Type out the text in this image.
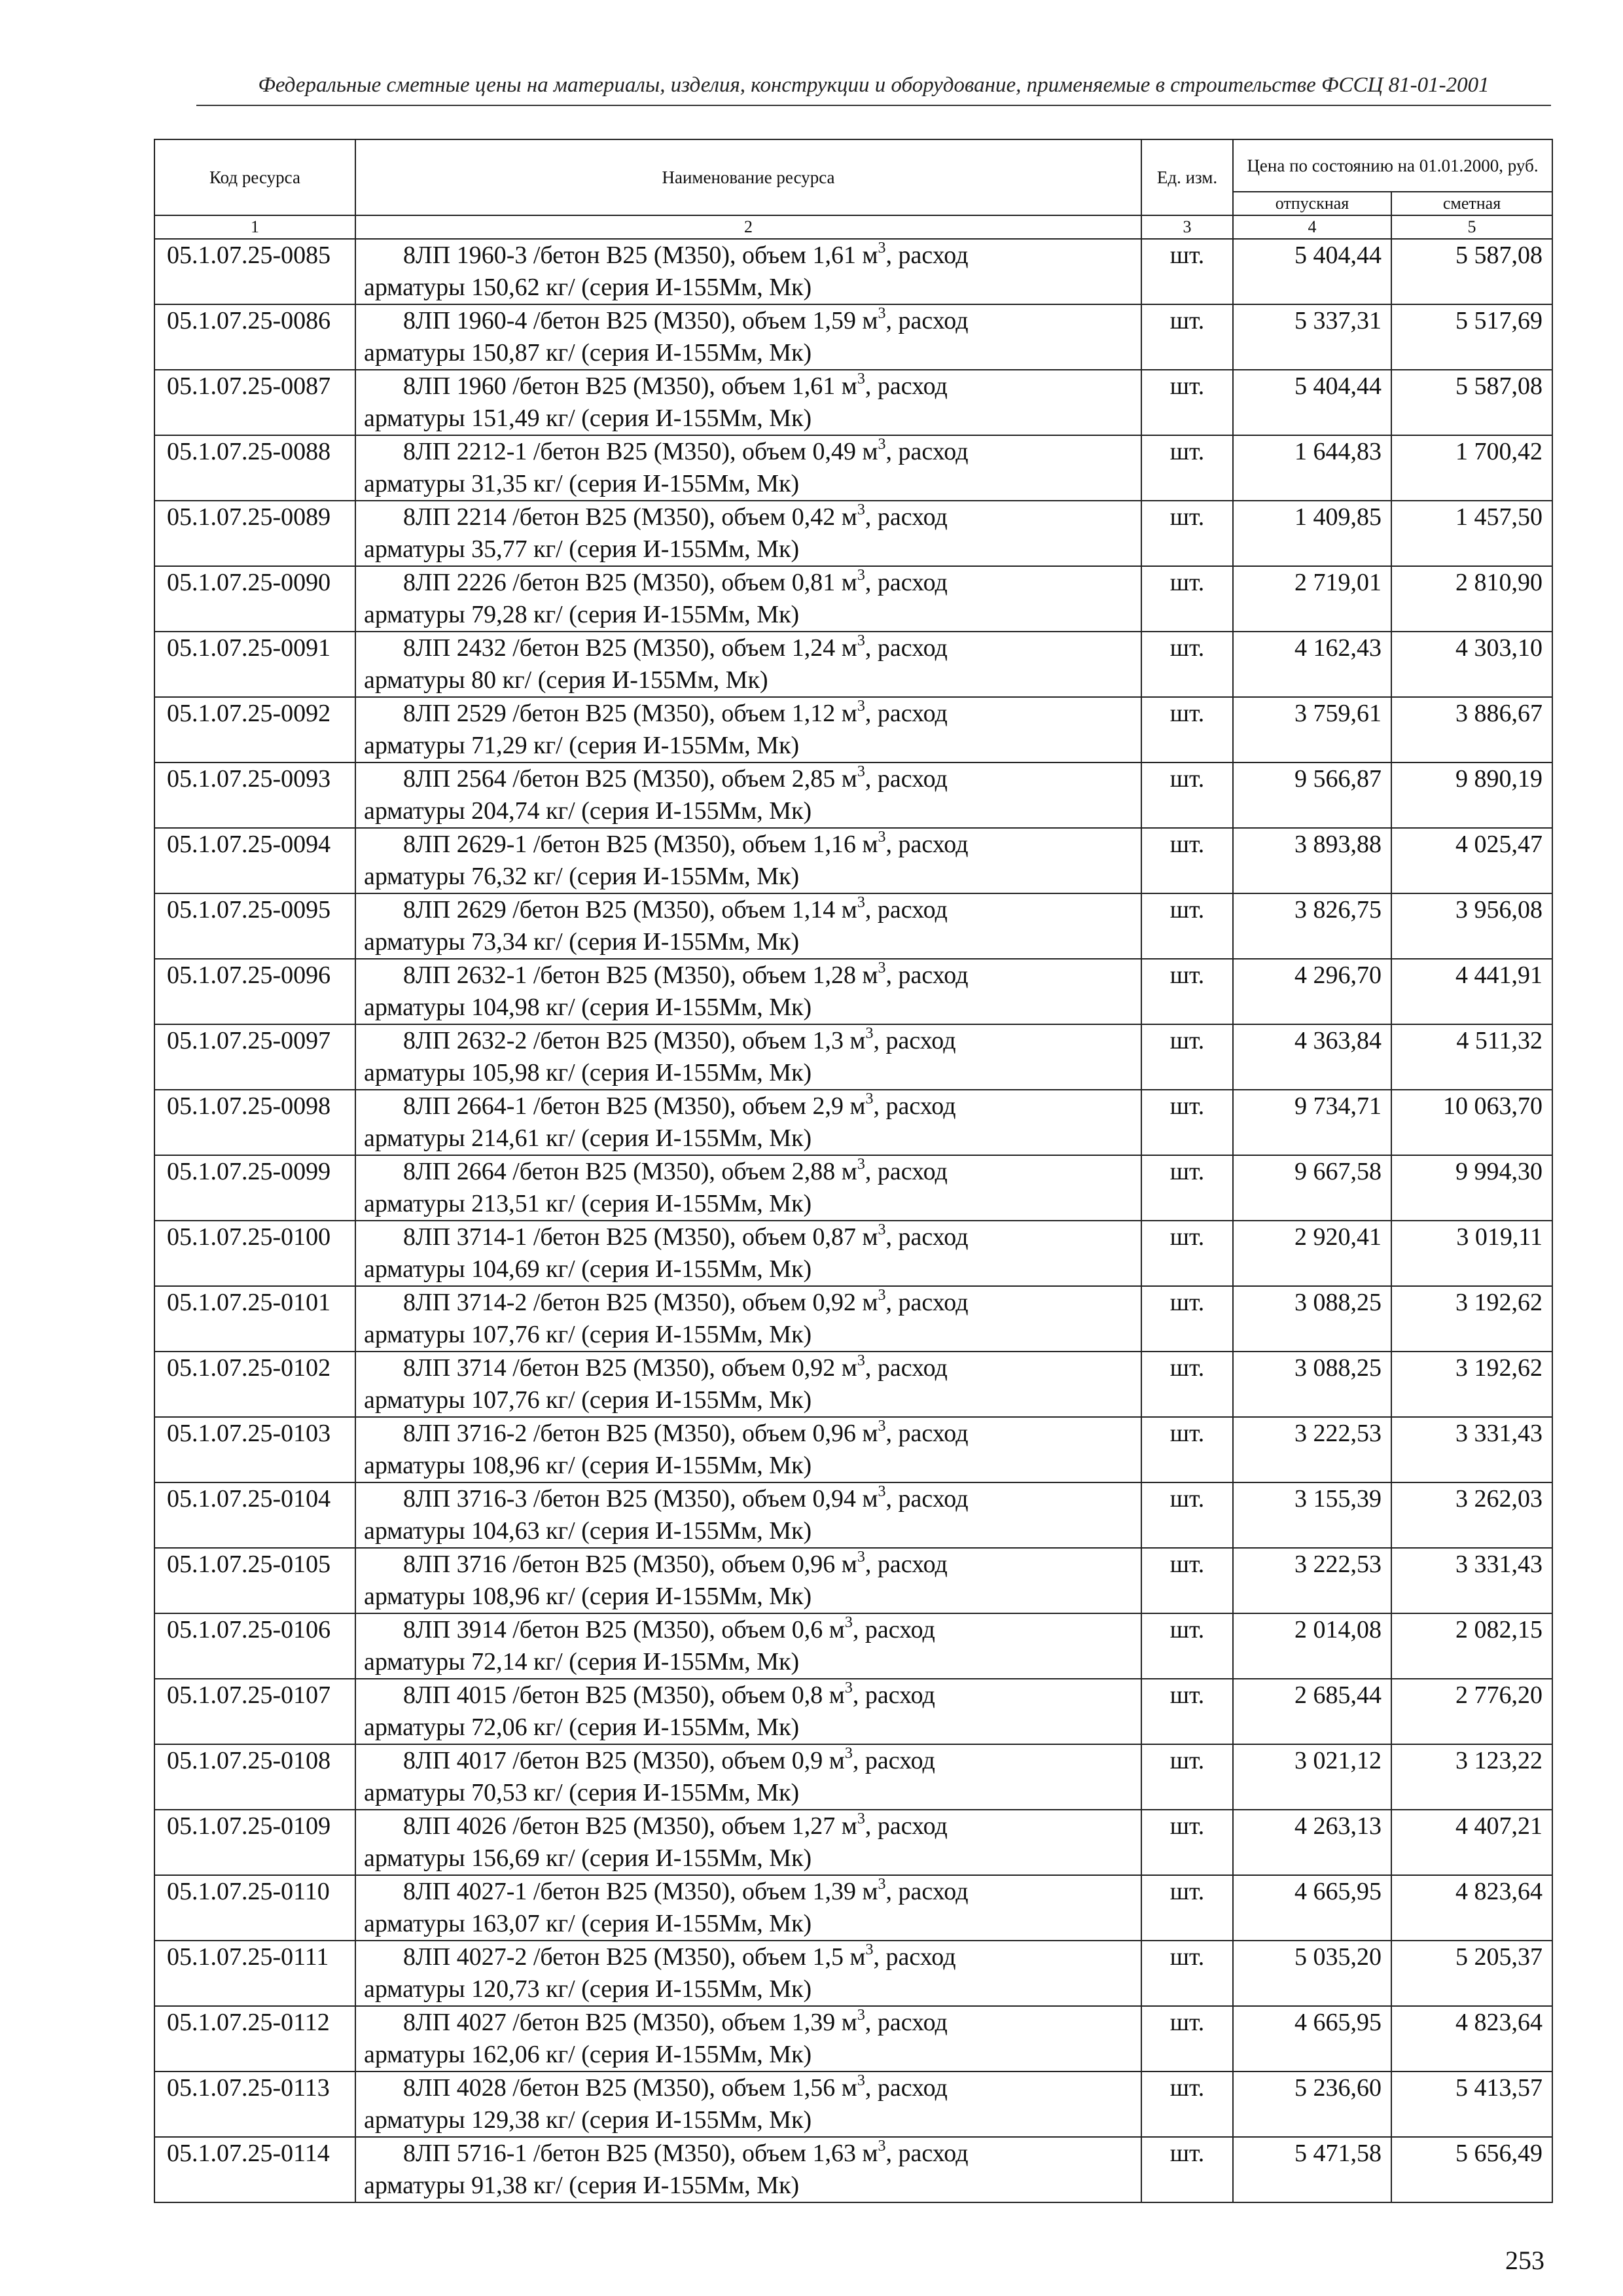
Федеральные сметные цены на материалы, изделия, конструкции и оборудование, применяемые в строительстве ФССЦ 81-01-2001
Код ресурса	Наименование ресурса	Ед. изм.	Цена по состоянию на 01.01.2000, руб.	
			отпускная	сметная
1	2	3	4	5
05.1.07.25-0085	8ЛП 1960-3 /бетон В25 (М350), объем 1,61 $м^3$, расход
арматуры 150,62 кг/ (серия И-155Мм, Мк)	шт.	5 404,44	5 587,08
05.1.07.25-0086	8ЛП 1960-4 /бетон В25 (М350), объем 1,59 $м^3$, расход
арматуры 150,87 кг/ (серия И-155Мм, Мк)	шт.	5 337,31	5 517,69
05.1.07.25-0087	8ЛП 1960 /бетон В25 (М350), объем 1,61 $м^3$, расход
арматуры 151,49 кг/ (серия И-155Мм, Мк)	шт.	5 404,44	5 587,08
05.1.07.25-0088	8ЛП 2212-1 /бетон В25 (М350), объем 0,49 $м^3$, расход
арматуры 31,35 кг/ (серия И-155Мм, Мк)	шт.	1 644,83	1 700,42
05.1.07.25-0089	8ЛП 2214 /бетон В25 (М350), объем 0,42 $м^3$, расход
арматуры 35,77 кг/ (серия И-155Мм, Мк)	шт.	1 409,85	1 457,50
05.1.07.25-0090	8ЛП 2226 /бетон В25 (М350), объем 0,81 $м^3$, расход
арматуры 79,28 кг/ (серия И-155Мм, Мк)	шт.	2 719,01	2 810,90
05.1.07.25-0091	8ЛП 2432 /бетон В25 (М350), объем 1,24 $м^3$, расход
арматуры 80 кг/ (серия И-155Мм, Мк)	шт.	4 162,43	4 303,10
05.1.07.25-0092	8ЛП 2529 /бетон В25 (М350), объем 1,12 $м^3$, расход
арматуры 71,29 кг/ (серия И-155Мм, Мк)	шт.	3 759,61	3 886,67
05.1.07.25-0093	8ЛП 2564 /бетон В25 (М350), объем 2,85 $м^3$, расход
арматуры 204,74 кг/ (серия И-155Мм, Мк)	шт.	9 566,87	9 890,19
05.1.07.25-0094	8ЛП 2629-1 /бетон В25 (М350), объем 1,16 $м^3$, расход
арматуры 76,32 кг/ (серия И-155Мм, Мк)	шт.	3 893,88	4 025,47
05.1.07.25-0095	8ЛП 2629 /бетон В25 (М350), объем 1,14 $м^3$, расход
арматуры 73,34 кг/ (серия И-155Мм, Мк)	шт.	3 826,75	3 956,08
05.1.07.25-0096	8ЛП 2632-1 /бетон В25 (М350), объем 1,28 $м^3$, расход
арматуры 104,98 кг/ (серия И-155Мм, Мк)	шт.	4 296,70	4 441,91
05.1.07.25-0097	8ЛП 2632-2 /бетон В25 (М350), объем 1,3 $м^3$, расход
арматуры 105,98 кг/ (серия И-155Мм, Мк)	шт.	4 363,84	4 511,32
05.1.07.25-0098	8ЛП 2664-1 /бетон В25 (М350), объем 2,9 $м^3$, расход
арматуры 214,61 кг/ (серия И-155Мм, Мк)	шт.	9 734,71	10 063,70
05.1.07.25-0099	8ЛП 2664 /бетон В25 (М350), объем 2,88 $м^3$, расход
арматуры 213,51 кг/ (серия И-155Мм, Мк)	шт.	9 667,58	9 994,30
05.1.07.25-0100	8ЛП 3714-1 /бетон В25 (М350), объем 0,87 $м^3$, расход
арматуры 104,69 кг/ (серия И-155Мм, Мк)	шт.	2 920,41	3 019,11
05.1.07.25-0101	8ЛП 3714-2 /бетон В25 (М350), объем 0,92 $м^3$, расход
арматуры 107,76 кг/ (серия И-155Мм, Мк)	шт.	3 088,25	3 192,62
05.1.07.25-0102	8ЛП 3714 /бетон В25 (М350), объем 0,92 $м^3$, расход
арматуры 107,76 кг/ (серия И-155Мм, Мк)	шт.	3 088,25	3 192,62
05.1.07.25-0103	8ЛП 3716-2 /бетон В25 (М350), объем 0,96 $м^3$, расход
арматуры 108,96 кг/ (серия И-155Мм, Мк)	шт.	3 222,53	3 331,43
05.1.07.25-0104	8ЛП 3716-3 /бетон В25 (М350), объем 0,94 $м^3$, расход
арматуры 104,63 кг/ (серия И-155Мм, Мк)	шт.	3 155,39	3 262,03
05.1.07.25-0105	8ЛП 3716 /бетон В25 (М350), объем 0,96 $м^3$, расход
арматуры 108,96 кг/ (серия И-155Мм, Мк)	шт.	3 222,53	3 331,43
05.1.07.25-0106	8ЛП 3914 /бетон В25 (М350), объем 0,6 $м^3$, расход
арматуры 72,14 кг/ (серия И-155Мм, Мк)	шт.	2 014,08	2 082,15
05.1.07.25-0107	8ЛП 4015 /бетон В25 (М350), объем 0,8 $м^3$, расход
арматуры 72,06 кг/ (серия И-155Мм, Мк)	шт.	2 685,44	2 776,20
05.1.07.25-0108	8ЛП 4017 /бетон В25 (М350), объем 0,9 $м^3$, расход
арматуры 70,53 кг/ (серия И-155Мм, Мк)	шт.	3 021,12	3 123,22
05.1.07.25-0109	8ЛП 4026 /бетон В25 (М350), объем 1,27 $м^3$, расход
арматуры 156,69 кг/ (серия И-155Мм, Мк)	шт.	4 263,13	4 407,21
05.1.07.25-0110	8ЛП 4027-1 /бетон В25 (М350), объем 1,39 $м^3$, расход
арматуры 163,07 кг/ (серия И-155Мм, Мк)	шт.	4 665,95	4 823,64
05.1.07.25-0111	8ЛП 4027-2 /бетон В25 (М350), объем 1,5 $м^3$, расход
арматуры 120,73 кг/ (серия И-155Мм, Мк)	шт.	5 035,20	5 205,37
05.1.07.25-0112	8ЛП 4027 /бетон В25 (М350), объем 1,39 $м^3$, расход
арматуры 162,06 кг/ (серия И-155Мм, Мк)	шт.	4 665,95	4 823,64
05.1.07.25-0113	8ЛП 4028 /бетон В25 (М350), объем 1,56 $м^3$, расход
арматуры 129,38 кг/ (серия И-155Мм, Мк)	шт.	5 236,60	5 413,57
05.1.07.25-0114	8ЛП 5716-1 /бетон В25 (М350), объем 1,63 $м^3$, расход
арматуры 91,38 кг/ (серия И-155Мм, Мк)	шт.	5 471,58	5 656,49
253
